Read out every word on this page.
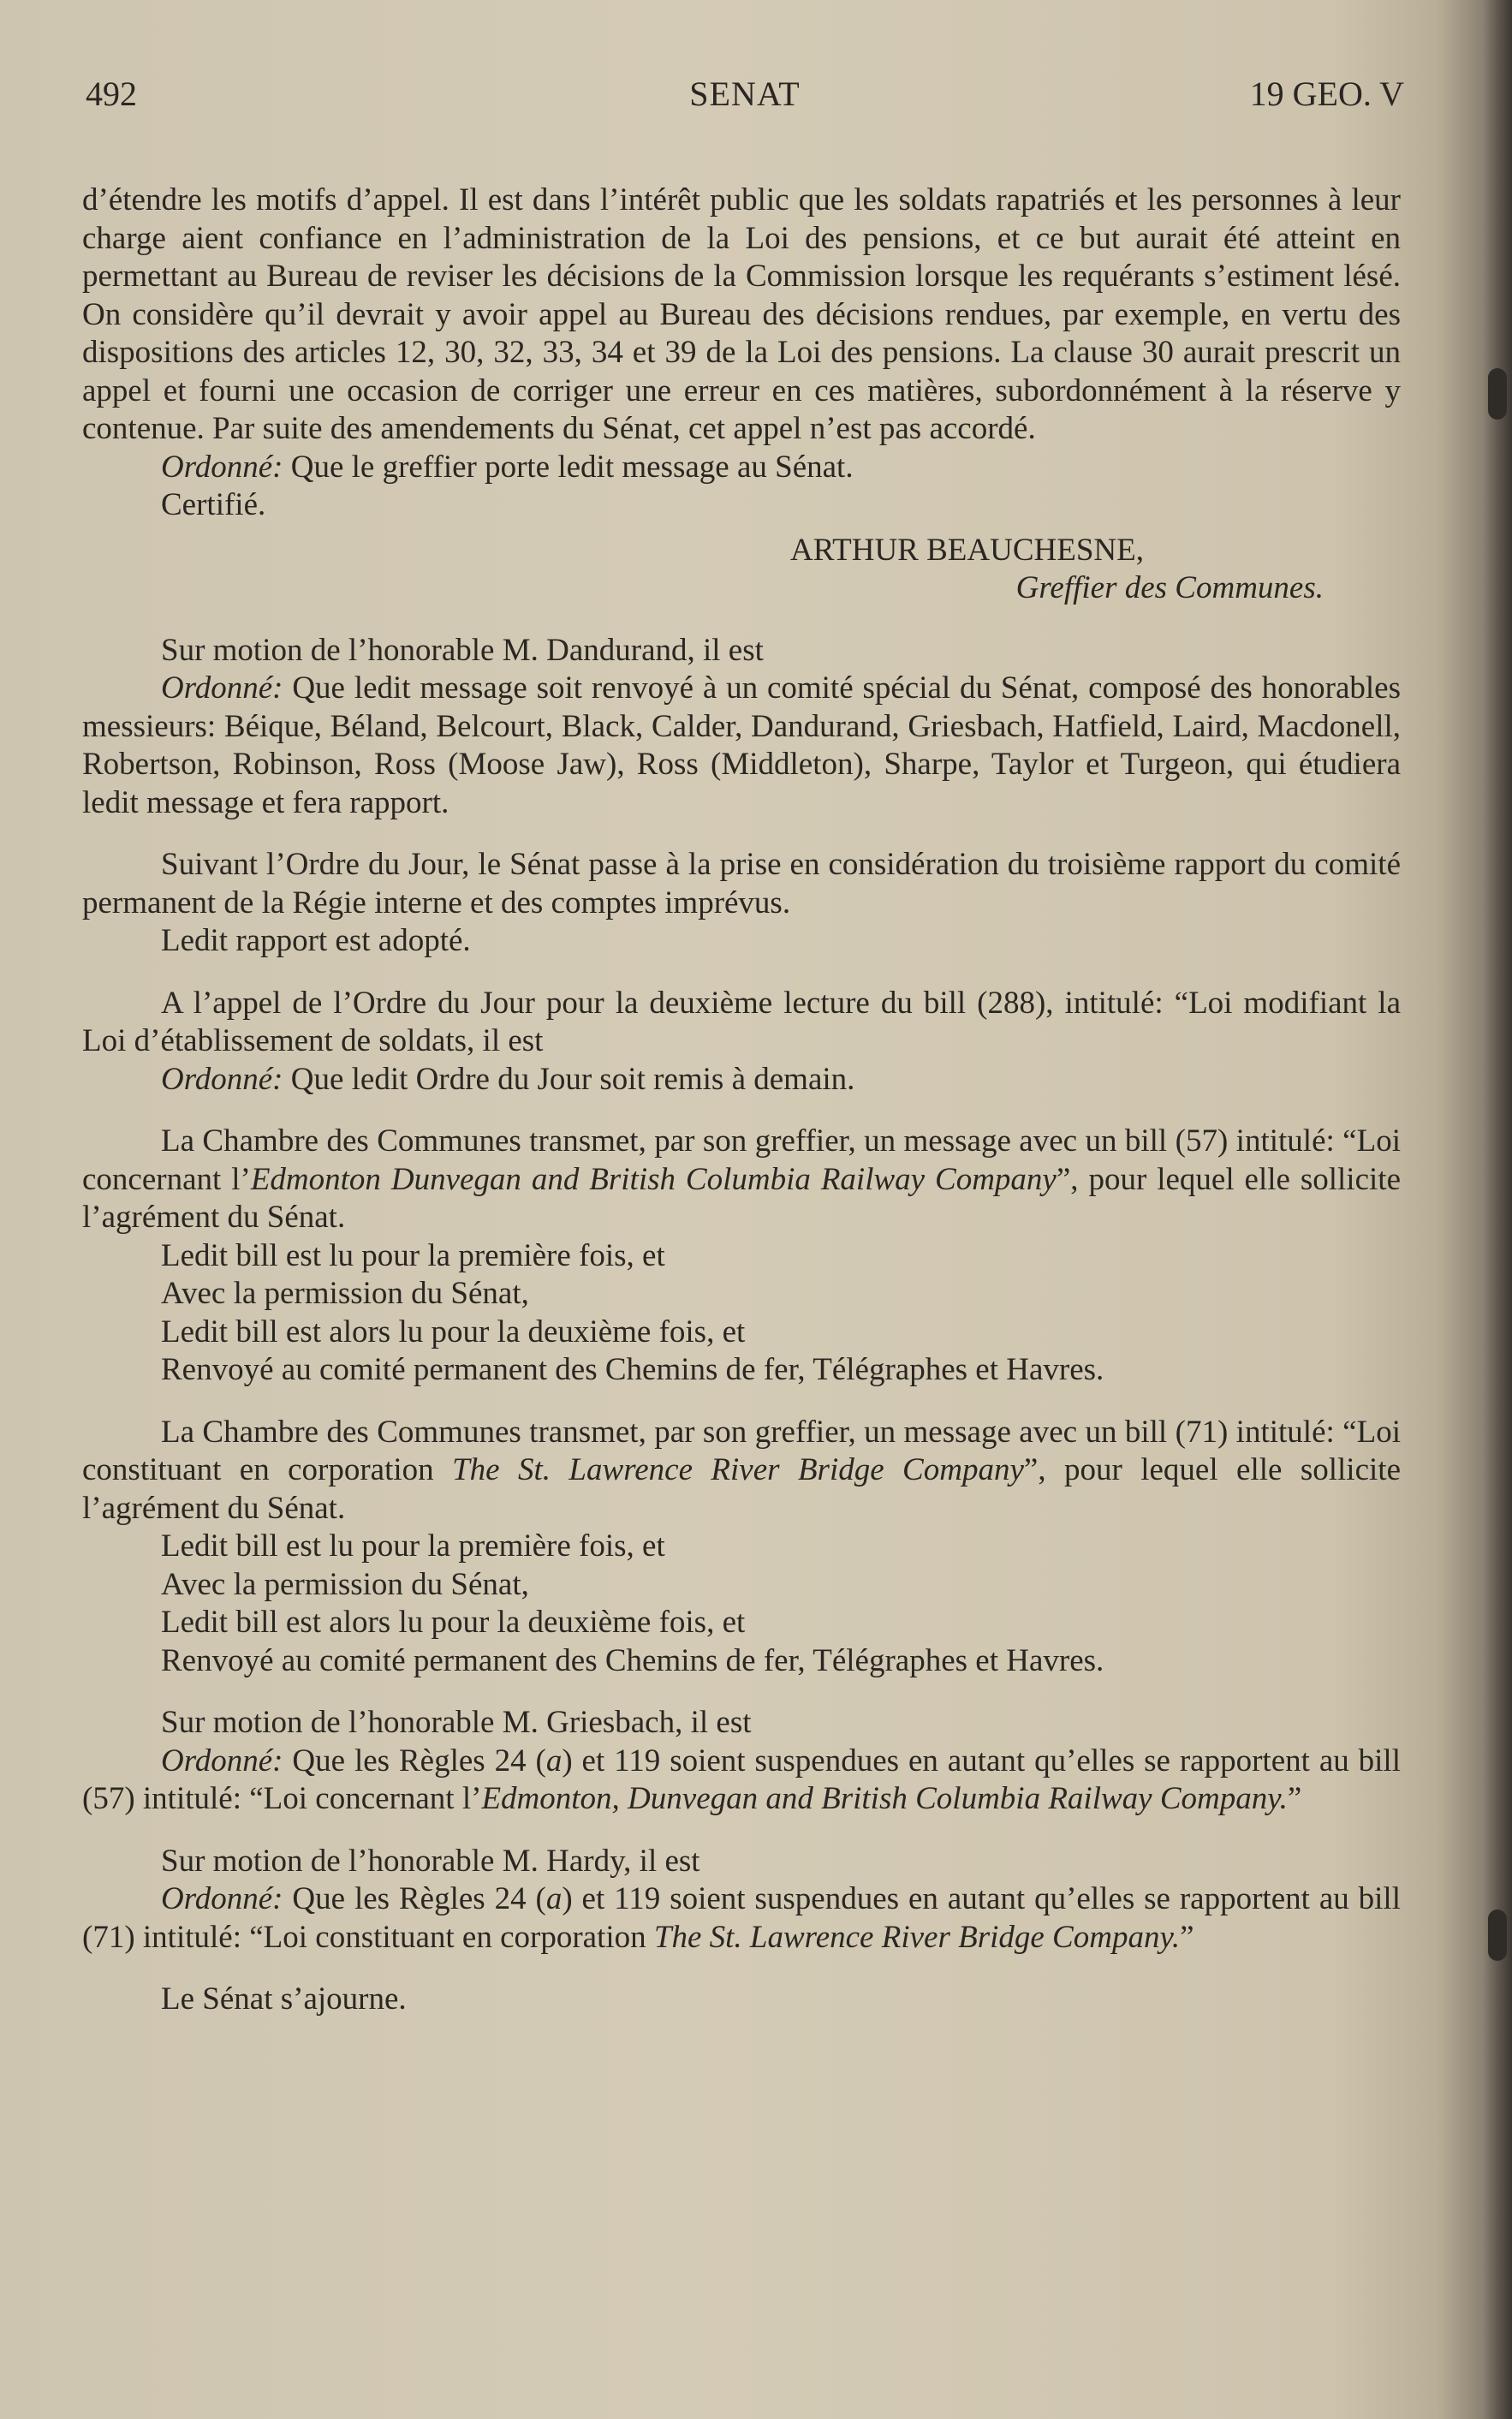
492	SENAT	19 GEO. V

d’étendre les motifs d’appel. Il est dans l’intérêt public que les soldats rapatriés et les personnes à leur charge aient confiance en l’administration de la Loi des pensions, et ce but aurait été atteint en permettant au Bureau de reviser les décisions de la Commission lorsque les requérants s’estiment lésé. On considère qu’il devrait y avoir appel au Bureau des décisions rendues, par exemple, en vertu des dispositions des articles 12, 30, 32, 33, 34 et 39 de la Loi des pensions. La clause 30 aurait prescrit un appel et fourni une occasion de corriger une erreur en ces matières, subordonnément à la réserve y contenue. Par suite des amendements du Sénat, cet appel n’est pas accordé.

Ordonné: Que le greffier porte ledit message au Sénat.

Certifié.

ARTHUR BEAUCHESNE,

Greffier des Communes.

Sur motion de l’honorable M. Dandurand, il est

Ordonné: Que ledit message soit renvoyé à un comité spécial du Sénat, composé des honorables messieurs: Béique, Béland, Belcourt, Black, Calder, Dandurand, Griesbach, Hatfield, Laird, Macdonell, Robertson, Robinson, Ross (Moose Jaw), Ross (Middleton), Sharpe, Taylor et Turgeon, qui étudiera ledit message et fera rapport.

Suivant l’Ordre du Jour, le Sénat passe à la prise en considération du troisième rapport du comité permanent de la Régie interne et des comptes imprévus.

Ledit rapport est adopté.

A l’appel de l’Ordre du Jour pour la deuxième lecture du bill (288), intitulé: “Loi modifiant la Loi d’établissement de soldats, il est

Ordonné: Que ledit Ordre du Jour soit remis à demain.

La Chambre des Communes transmet, par son greffier, un message avec un bill (57) intitulé: “Loi concernant l’Edmonton Dunvegan and British Columbia Railway Company”, pour lequel elle sollicite l’agrément du Sénat.

Ledit bill est lu pour la première fois, et

Avec la permission du Sénat,

Ledit bill est alors lu pour la deuxième fois, et

Renvoyé au comité permanent des Chemins de fer, Télégraphes et Havres.

La Chambre des Communes transmet, par son greffier, un message avec un bill (71) intitulé: “Loi constituant en corporation The St. Lawrence River Bridge Company”, pour lequel elle sollicite l’agrément du Sénat.

Ledit bill est lu pour la première fois, et

Avec la permission du Sénat,

Ledit bill est alors lu pour la deuxième fois, et

Renvoyé au comité permanent des Chemins de fer, Télégraphes et Havres.

Sur motion de l’honorable M. Griesbach, il est

Ordonné: Que les Règles 24 (a) et 119 soient suspendues en autant qu’elles se rapportent au bill (57) intitulé: “Loi concernant l’Edmonton, Dunvegan and British Columbia Railway Company.”

Sur motion de l’honorable M. Hardy, il est

Ordonné: Que les Règles 24 (a) et 119 soient suspendues en autant qu’elles se rapportent au bill (71) intitulé: “Loi constituant en corporation The St. Lawrence River Bridge Company.”

Le Sénat s’ajourne.
